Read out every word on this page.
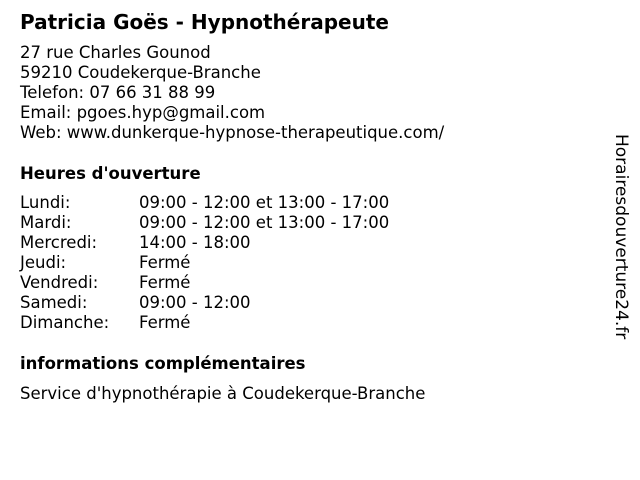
Patricia Goës - Hypnothérapeute
27 rue Charles Gounod
59210 Coudekerque-Branche
Telefon: 07 66 31 88 99
Email: pgoes.hyp@gmail.com
Web: www.dunkerque-hypnose-therapeutique.com/
Heures d'ouverture
Lundi:	09:00 - 12:00 et 13:00 - 17:00
Mardi:	09:00 - 12:00 et 13:00 - 17:00
Mercredi:	14:00 - 18:00
Jeudi:	Fermé
Vendredi: Fermé
Samedi:	09:00 - 12:00
Dimanche: Fermé
informations complémentaires
Service d'hypnothérapie à Coudekerque-Branche
Horairesdouverture24.fr
